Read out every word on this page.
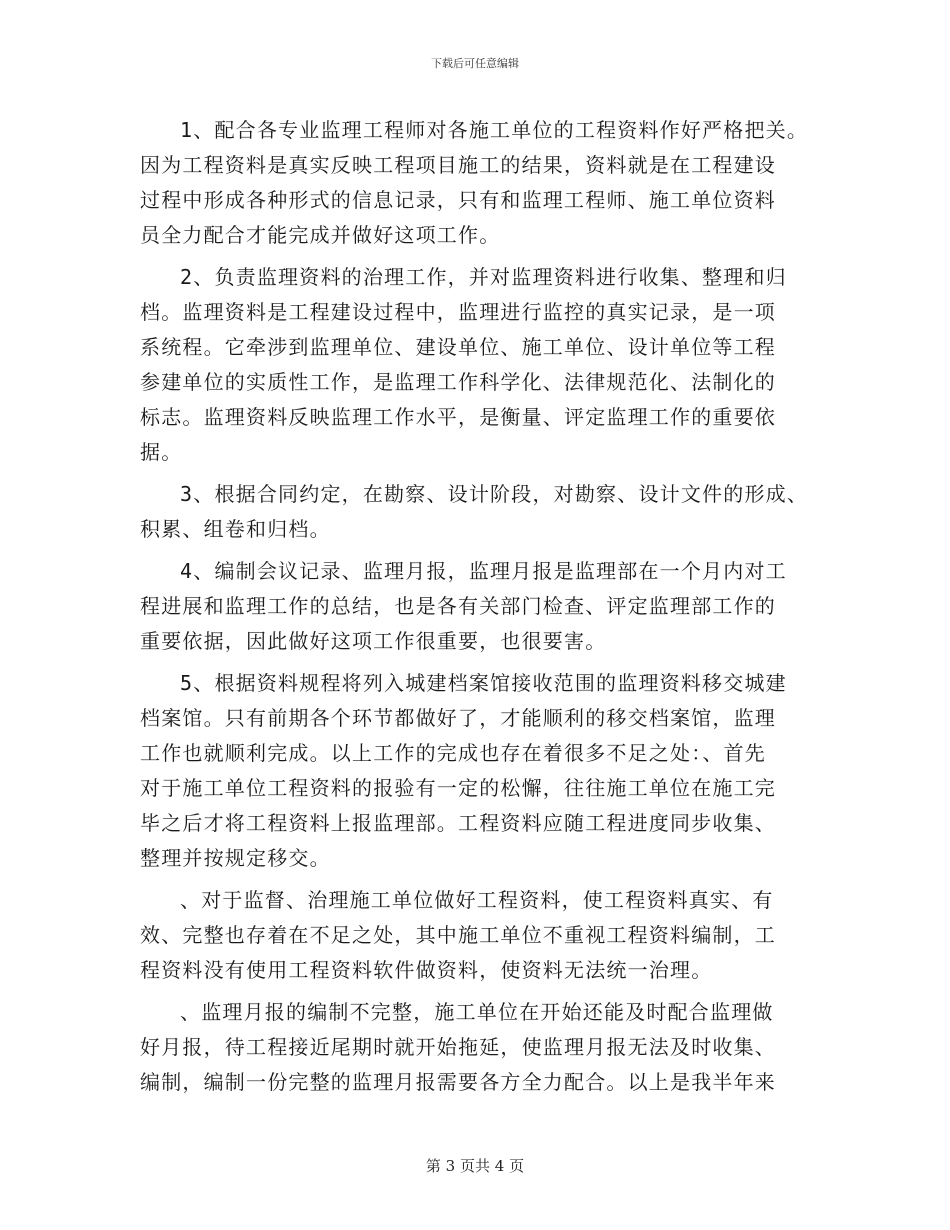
下载后可任意编辑
1、配合各专业监理工程师对各施工单位的工程资料作好严格把关。
因为工程资料是真实反映工程项目施工的结果，资料就是在工程建设
过程中形成各种形式的信息记录，只有和监理工程师、施工单位资料
员全力配合才能完成并做好这项工作。
2、负责监理资料的治理工作，并对监理资料进行收集、整理和归
档。监理资料是工程建设过程中，监理进行监控的真实记录，是一项
系统程。它牵涉到监理单位、建设单位、施工单位、设计单位等工程
参建单位的实质性工作，是监理工作科学化、法律规范化、法制化的
标志。监理资料反映监理工作水平，是衡量、评定监理工作的重要依
据。
3、根据合同约定，在勘察、设计阶段，对勘察、设计文件的形成、
积累、组卷和归档。
4、编制会议记录、监理月报，监理月报是监理部在一个月内对工
程进展和监理工作的总结，也是各有关部门检查、评定监理部工作的
重要依据，因此做好这项工作很重要，也很要害。
5、根据资料规程将列入城建档案馆接收范围的监理资料移交城建
档案馆。只有前期各个环节都做好了，才能顺利的移交档案馆，监理
工作也就顺利完成。以上工作的完成也存在着很多不足之处：、首先
对于施工单位工程资料的报验有一定的松懈，往往施工单位在施工完
毕之后才将工程资料上报监理部。工程资料应随工程进度同步收集、
整理并按规定移交。
、对于监督、治理施工单位做好工程资料，使工程资料真实、有
效、完整也存着在不足之处，其中施工单位不重视工程资料编制，工
程资料没有使用工程资料软件做资料，使资料无法统一治理。
、监理月报的编制不完整，施工单位在开始还能及时配合监理做
好月报，待工程接近尾期时就开始拖延，使监理月报无法及时收集、
编制，编制一份完整的监理月报需要各方全力配合。以上是我半年来
第 3 页共 4 页
